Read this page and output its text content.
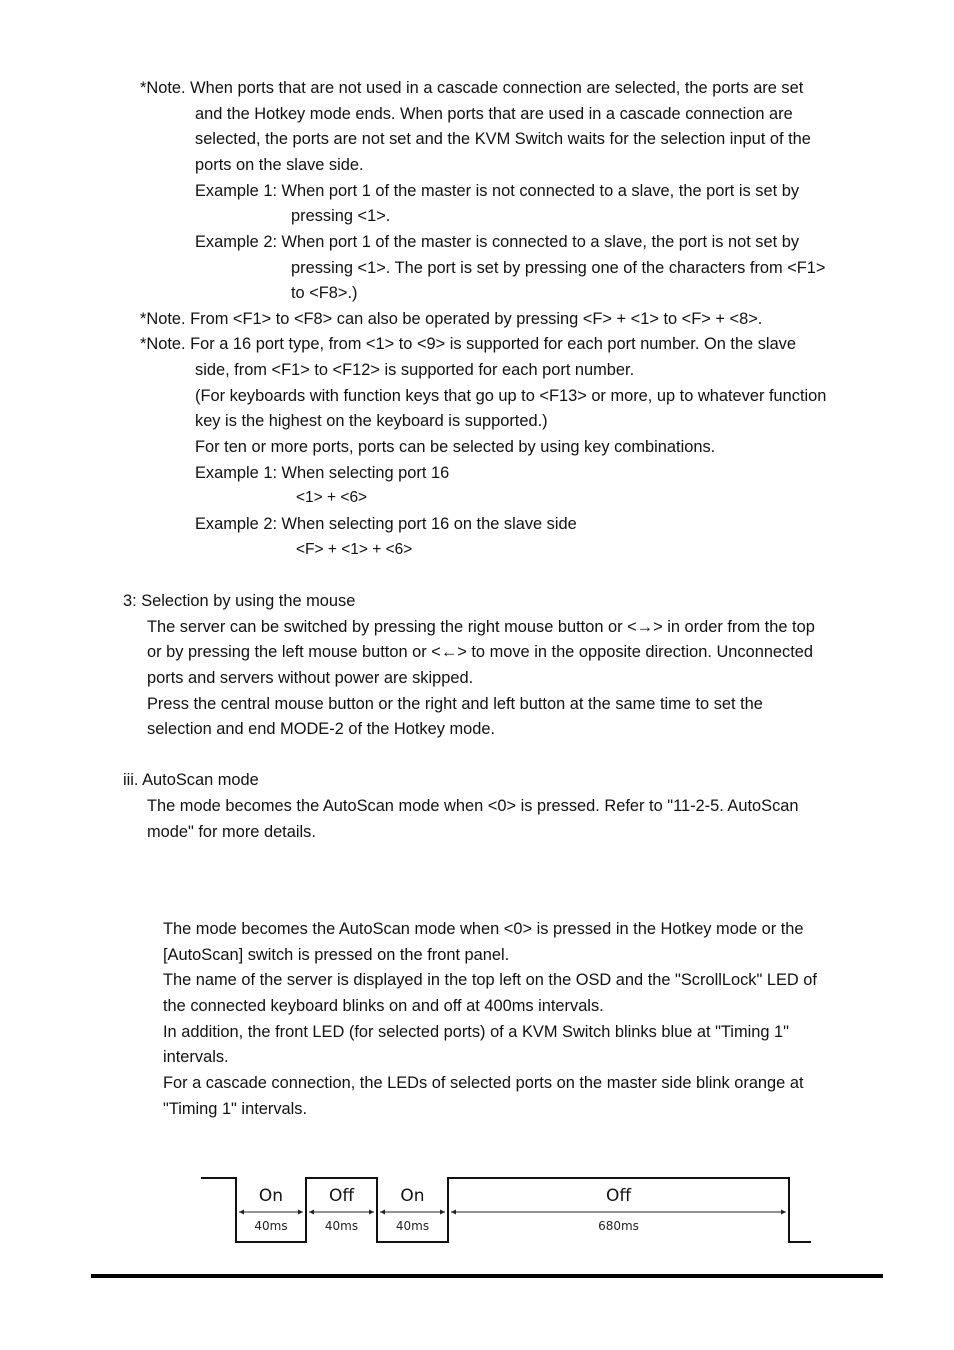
*Note. When ports that are not used in a cascade connection are selected, the ports are set
and the Hotkey mode ends. When ports that are used in a cascade connection are
selected, the ports are not set and the KVM Switch waits for the selection input of the
ports on the slave side.
Example 1: When port 1 of the master is not connected to a slave, the port is set by
pressing <1>.
Example 2: When port 1 of the master is connected to a slave, the port is not set by
pressing <1>. The port is set by pressing one of the characters from <F1>
to <F8>.)
*Note. From <F1> to <F8> can also be operated by pressing <F> + <1> to <F> + <8>.
*Note. For a 16 port type, from <1> to <9> is supported for each port number. On the slave
side, from <F1> to <F12> is supported for each port number.
(For keyboards with function keys that go up to <F13> or more, up to whatever function
key is the highest on the keyboard is supported.)
For ten or more ports, ports can be selected by using key combinations.
Example 1: When selecting port 16
<1> + <6>
Example 2: When selecting port 16 on the slave side
<F> + <1> + <6>
3: Selection by using the mouse
The server can be switched by pressing the right mouse button or <→> in order from the top
or by pressing the left mouse button or <←> to move in the opposite direction. Unconnected
ports and servers without power are skipped.
Press the central mouse button or the right and left button at the same time to set the
selection and end MODE-2 of the Hotkey mode.
iii. AutoScan mode
The mode becomes the AutoScan mode when <0> is pressed. Refer to "11-2-5. AutoScan
mode" for more details.
The mode becomes the AutoScan mode when <0> is pressed in the Hotkey mode or the
[AutoScan] switch is pressed on the front panel.
The name of the server is displayed in the top left on the OSD and the "ScrollLock" LED of
the connected keyboard blinks on and off at 400ms intervals.
In addition, the front LED (for selected ports) of a KVM Switch blinks blue at "Timing 1"
intervals.
For a cascade connection, the LEDs of selected ports on the master side blink orange at
"Timing 1" intervals.
On
40ms
Off
40ms
On
40ms
Off
680ms
